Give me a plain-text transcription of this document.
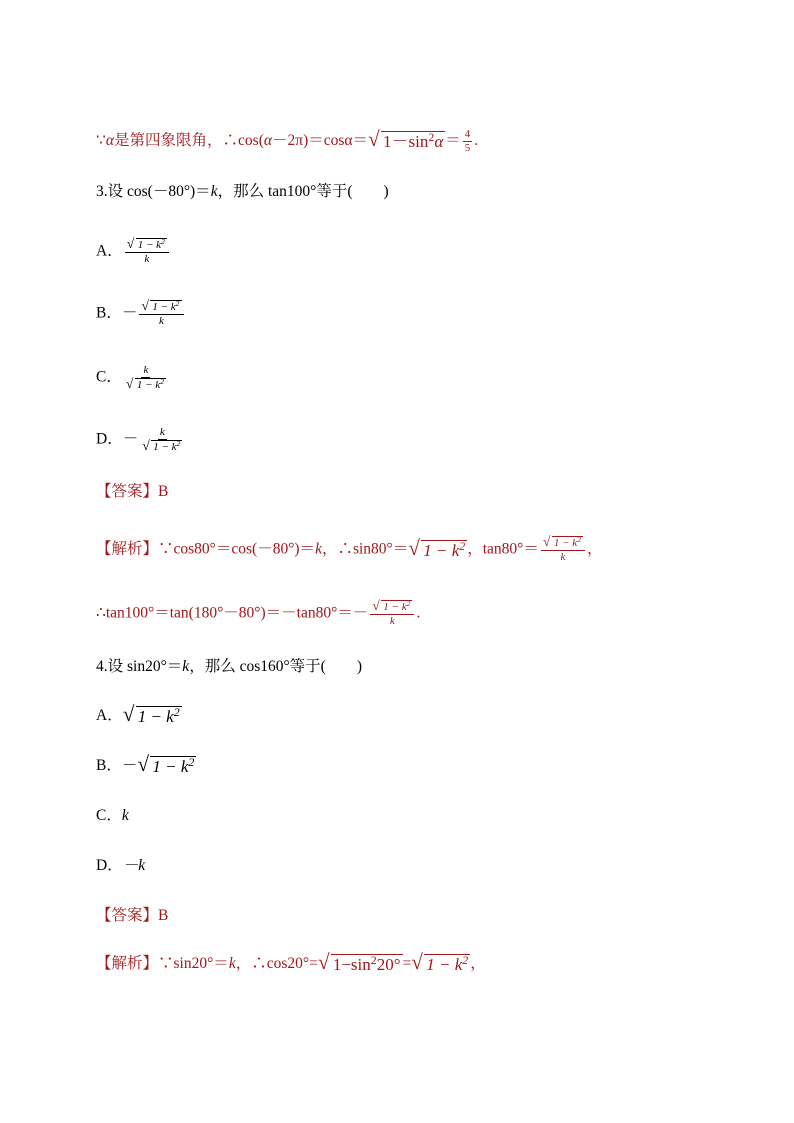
∵α是第四象限角，∴cos(α－2π)＝cosα＝ √ $1-\sin^2\alpha = \frac{4}{5}$ .
3.设 cos(－80°)＝k，那么 tan100°等于(　　)
A． $\frac{√ 1 - k^2}{k}$
B．－ $\frac{√ 1 - k^2}{k}$
C． $\frac{k}{√ 1 - k^2}$
D．－ $\frac{k}{√ 1 - k^2}$
【答案】B
【解析】∵cos80°＝cos(－80°)＝k，∴sin80°＝ √ $1 - k^2$ ，$\tan 80^\circ= \frac{√ 1 - k^2}{k}$ ，
∴tan100°＝tan(180°－80°)＝－tan80°＝－ $\frac{√ 1 - k^2}{k}$ .
4.设 sin20°＝k，那么 cos160°等于(　　)
A． √ $1 - k^2$
B．－ √ $1 - k^2$
C．k
D．－k
【答案】B
【解析】∵sin20°＝k，∴cos20°= √ $1-\sin^220^\circ$ = √ $1 - k^2$ ，
